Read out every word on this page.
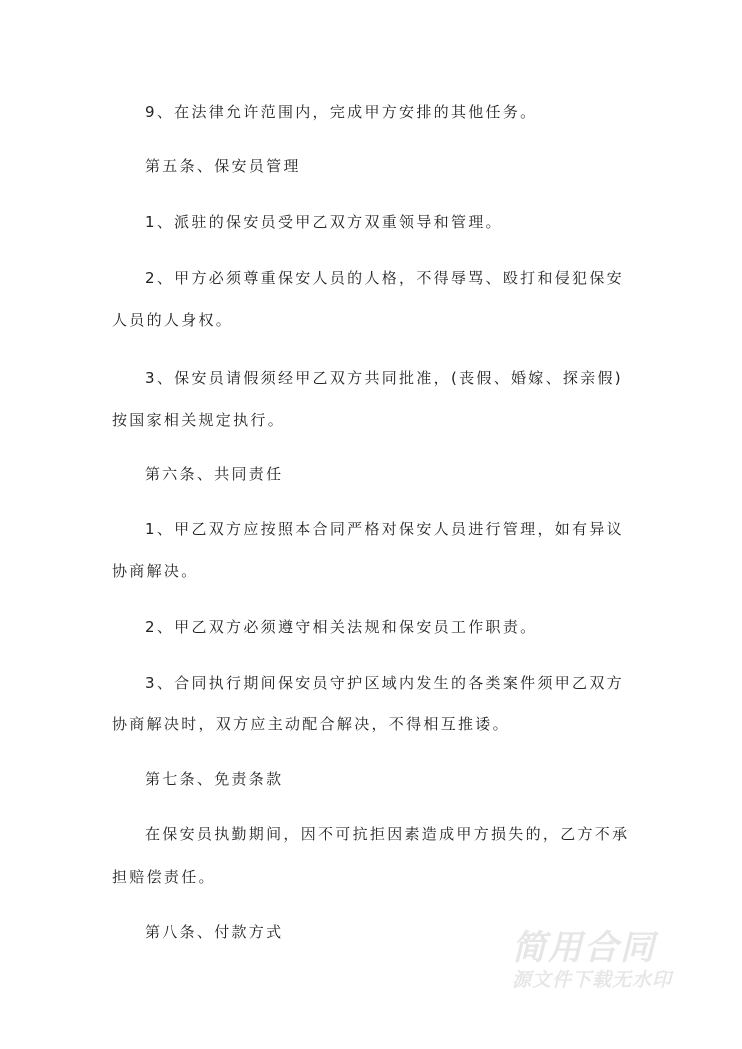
9、在法律允许范围内，完成甲方安排的其他任务。
第五条、保安员管理
1、派驻的保安员受甲乙双方双重领导和管理。
2、甲方必须尊重保安人员的人格，不得辱骂、殴打和侵犯保安
人员的人身权。
3、保安员请假须经甲乙双方共同批准，(丧假、婚嫁、探亲假)
按国家相关规定执行。
第六条、共同责任
1、甲乙双方应按照本合同严格对保安人员进行管理，如有异议
协商解决。
2、甲乙双方必须遵守相关法规和保安员工作职责。
3、合同执行期间保安员守护区域内发生的各类案件须甲乙双方
协商解决时，双方应主动配合解决，不得相互推诿。
第七条、免责条款
在保安员执勤期间，因不可抗拒因素造成甲方损失的，乙方不承
担赔偿责任。
第八条、付款方式	简用合同
源文件下载无水印
